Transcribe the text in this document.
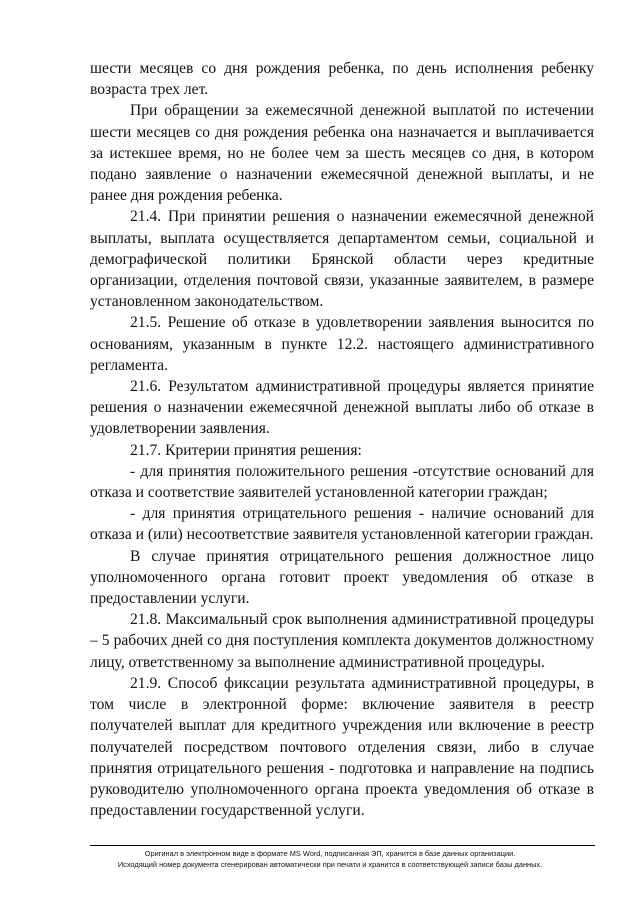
шести месяцев со дня рождения ребенка, по день исполнения ребенку возраста трех лет.

При обращении за ежемесячной денежной выплатой по истечении шести месяцев со дня рождения ребенка она назначается и выплачивается за истекшее время, но не более чем за шесть месяцев со дня, в котором подано заявление о назначении ежемесячной денежной выплаты, и не ранее дня рождения ребенка.

21.4. При принятии решения о назначении ежемесячной денежной выплаты, выплата осуществляется департаментом семьи, социальной и демографической политики Брянской области через кредитные организации, отделения почтовой связи, указанные заявителем, в размере установленном законодательством.

21.5. Решение об отказе в удовлетворении заявления выносится по основаниям, указанным в пункте 12.2. настоящего административного регламента.

21.6. Результатом административной процедуры является принятие решения о назначении ежемесячной денежной выплаты либо об отказе в удовлетворении заявления.

21.7. Критерии принятия решения:

- для принятия положительного решения -отсутствие оснований для отказа и соответствие заявителей установленной категории граждан;

- для принятия отрицательного решения - наличие оснований для отказа и (или) несоответствие заявителя установленной категории граждан.

В случае принятия отрицательного решения должностное лицо уполномоченного органа готовит проект уведомления об отказе в предоставлении услуги.

21.8. Максимальный срок выполнения административной процедуры – 5 рабочих дней со дня поступления комплекта документов должностному лицу, ответственному за выполнение административной процедуры.

21.9. Способ фиксации результата административной процедуры, в том числе в электронной форме: включение заявителя в реестр получателей выплат для кредитного учреждения или включение в реестр получателей посредством почтового отделения связи, либо в случае принятия отрицательного решения - подготовка и направление на подпись руководителю уполномоченного органа проекта уведомления об отказе в предоставлении государственной услуги.

Оригинал в электронном виде в формате MS Word, подписанная ЭП, хранится в базе данных организации.
Исходящий номер документа сгенерирован автоматически при печати и хранится в соответствующей записи базы данных.
